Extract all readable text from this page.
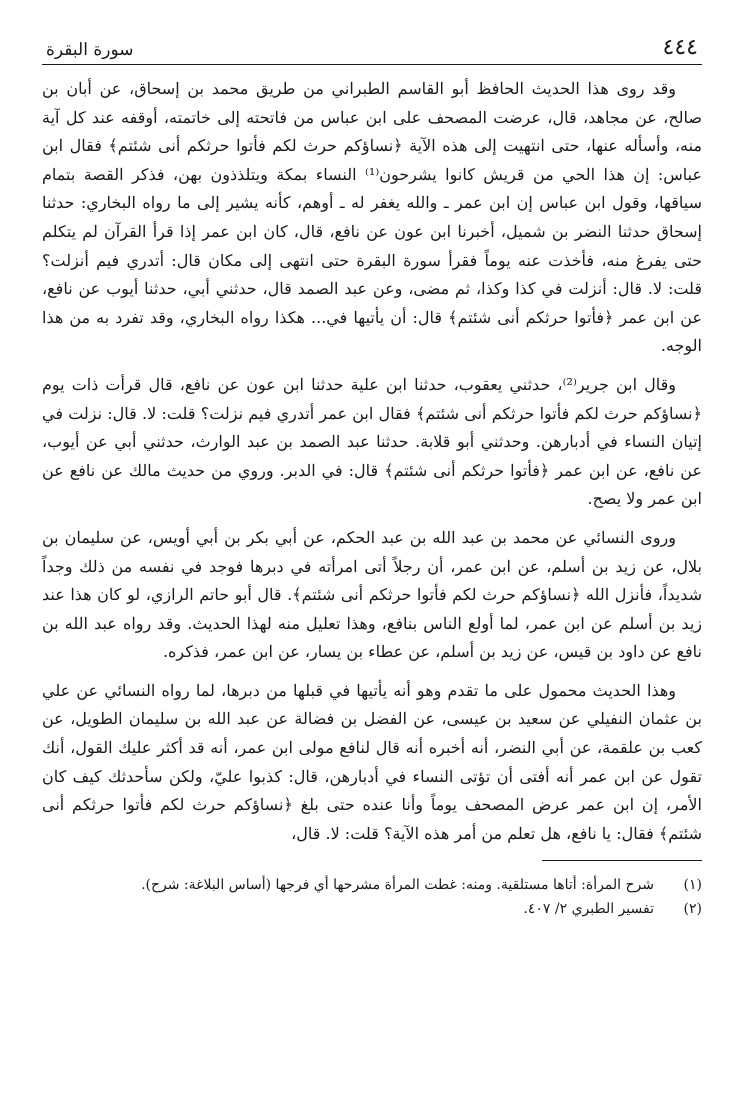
٤٤٤
سورة البقرة

وقد روى هذا الحديث الحافظ أبو القاسم الطبراني من طريق محمد بن إسحاق، عن أبان بن صالح، عن مجاهد، قال، عرضت المصحف على ابن عباس من فاتحته إلى خاتمته، أوقفه عند كل آية منه، وأسأله عنها، حتى انتهيت إلى هذه الآية ﴿نساؤكم حرث لكم فأتوا حرثكم أنى شئتم﴾ فقال ابن عباس: إن هذا الحي من قريش كانوا يشرحون⁽¹⁾ النساء بمكة ويتلذذون بهن، فذكر القصة بتمام سياقها، وقول ابن عباس إن ابن عمر ـ والله يغفر له ـ أوهم، كأنه يشير إلى ما رواه البخاري: حدثنا إسحاق حدثنا النضر بن شميل، أخبرنا ابن عون عن نافع، قال، كان ابن عمر إذا قرأ القرآن لم يتكلم حتى يفرغ منه، فأخذت عنه يوماً فقرأ سورة البقرة حتى انتهى إلى مكان قال: أتدري فيم أنزلت؟ قلت: لا. قال: أنزلت في كذا وكذا، ثم مضى، وعن عبد الصمد قال، حدثني أبي، حدثنا أيوب عن نافع، عن ابن عمر ﴿فأتوا حرثكم أنى شئتم﴾ قال: أن يأتيها في... هكذا رواه البخاري، وقد تفرد به من هذا الوجه.

وقال ابن جرير⁽²⁾، حدثني يعقوب، حدثنا ابن علية حدثنا ابن عون عن نافع، قال قرأت ذات يوم ﴿نساؤكم حرث لكم فأتوا حرثكم أنى شئتم﴾ فقال ابن عمر أتدري فيم نزلت؟ قلت: لا. قال: نزلت في إتيان النساء في أدبارهن. وحدثني أبو قلابة. حدثنا عبد الصمد بن عبد الوارث، حدثني أبي عن أيوب، عن نافع، عن ابن عمر ﴿فأتوا حرثكم أنى شئتم﴾ قال: في الدبر. وروي من حديث مالك عن نافع عن ابن عمر ولا يصح.

وروى النسائي عن محمد بن عبد الله بن عبد الحكم، عن أبي بكر بن أبي أويس، عن سليمان بن بلال، عن زيد بن أسلم، عن ابن عمر، أن رجلاً أتى امرأته في دبرها فوجد في نفسه من ذلك وجداً شديداً، فأنزل الله ﴿نساؤكم حرث لكم فأتوا حرثكم أنى شئتم﴾. قال أبو حاتم الرازي، لو كان هذا عند زيد بن أسلم عن ابن عمر، لما أولع الناس بنافع، وهذا تعليل منه لهذا الحديث. وقد رواه عبد الله بن نافع عن داود بن قيس، عن زيد بن أسلم، عن عطاء بن يسار، عن ابن عمر، فذكره.

وهذا الحديث محمول على ما تقدم وهو أنه يأتيها في قبلها من دبرها، لما رواه النسائي عن علي بن عثمان النفيلي عن سعيد بن عيسى، عن الفضل بن فضالة عن عبد الله بن سليمان الطويل، عن كعب بن علقمة، عن أبي النضر، أنه أخبره أنه قال لنافع مولى ابن عمر، أنه قد أكثر عليك القول، أنك تقول عن ابن عمر أنه أفتى أن تؤتى النساء في أدبارهن، قال: كذبوا عليّ، ولكن سأحدثك كيف كان الأمر، إن ابن عمر عرض المصحف يوماً وأنا عنده حتى بلغ ﴿نساؤكم حرث لكم فأتوا حرثكم أنى شئتم﴾ فقال: يا نافع، هل تعلم من أمر هذه الآية؟ قلت: لا. قال،

(١)
شرح المرأة: أتاها مستلقية. ومنه: غطت المرأة مشرحها أي فرجها (أساس البلاغة: شرح).
(٢)
تفسير الطبري ٢/ ٤٠٧.
